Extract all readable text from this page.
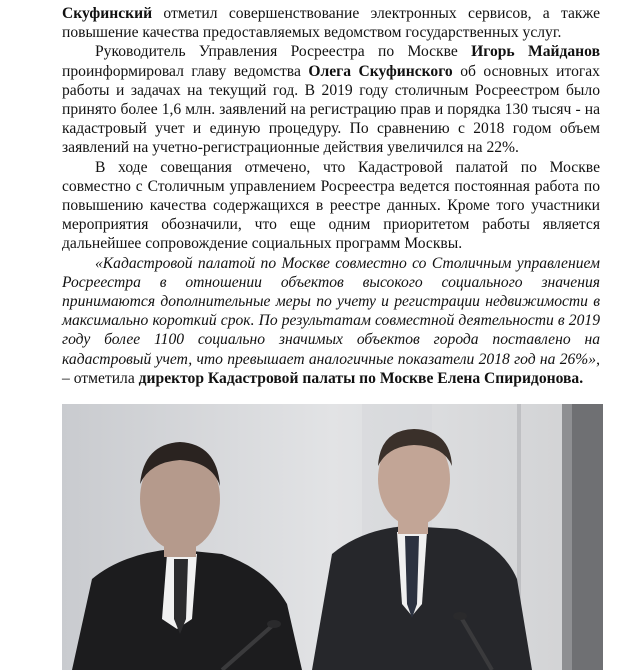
Скуфинский отметил совершенствование электронных сервисов, а также повышение качества предоставляемых ведомством государственных услуг.

Руководитель Управления Росреестра по Москве Игорь Майданов проинформировал главу ведомства Олега Скуфинского об основных итогах работы и задачах на текущий год. В 2019 году столичным Росреестром было принято более 1,6 млн. заявлений на регистрацию прав и порядка 130 тысяч - на кадастровый учет и единую процедуру. По сравнению с 2018 годом объем заявлений на учетно-регистрационные действия увеличился на 22%.

В ходе совещания отмечено, что Кадастровой палатой по Москве совместно с Столичным управлением Росреестра ведется постоянная работа по повышению качества содержащихся в реестре данных. Кроме того участники мероприятия обозначили, что еще одним приоритетом работы является дальнейшее сопровождение социальных программ Москвы.

«Кадастровой палатой по Москве совместно со Столичным управлением Росреестра в отношении объектов высокого социального значения принимаются дополнительные меры по учету и регистрации недвижимости в максимально короткий срок. По результатам совместной деятельности в 2019 году более 1100 социально значимых объектов города поставлено на кадастровый учет, что превышает аналогичные показатели 2018 год на 26%», – отметила директор Кадастровой палаты по Москве Елена Спиридонова.
